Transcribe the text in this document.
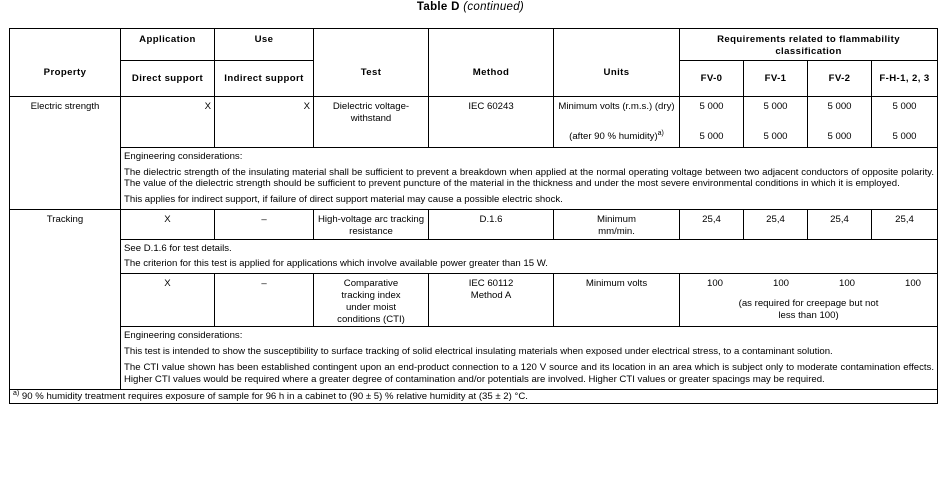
Table D (continued)
Property	Application	Use	Test	Method	Units	Requirements related to flammability classification			
	Direct support	Indirect support				FV-0	FV-1	FV-2	F-H-1, 2, 3
Electric strength	X	X	Dielectric voltage-withstand	IEC 60243	Minimum volts (r.m.s.) (dry)	5 000	5 000	5 000	5 000
					(after 90 % humidity)$^{a)}$	5 000	5 000	5 000	5 000

	Engineering considerations:

The dielectric strength of the insulating material shall be sufficient to prevent a breakdown when applied at the normal operating voltage between two adjacent conductors of opposite polarity. The value of the dielectric strength should be sufficient to prevent puncture of the material in the thickness and under the most severe environmental conditions in which it is employed.

This applies for indirect support, if failure of direct support material may cause a possible electric shock.								

Tracking	X	–	High-voltage arc tracking resistance	D.1.6	Minimum mm/min.	25,4	25,4	25,4	25,4

	See D.1.6 for test details.

The criterion for this test is applied for applications which involve available power greater than 15 W.								

	X	–	Comparative tracking index under moist conditions (CTI)	IEC 60112 Method A	Minimum volts	100 100 100 100
(as required for creepage but not less than 100)			

	Engineering considerations:

This test is intended to show the susceptibility to surface tracking of solid electrical insulating materials when exposed under electrical stress, to a contaminant solution.

The CTI value shown has been established contingent upon an end-product connection to a 120 V source and its location in an area which is subject only to moderate contamination effects. Higher CTI values would be required where a greater degree of contamination and/or potentials are involved. Higher CTI values or greater spacings may be required.								

$^{a)}$ 90 % humidity treatment requires exposure of sample for 96 h in a cabinet to (90 ± 5) % relative humidity at (35 ± 2) °C.									
